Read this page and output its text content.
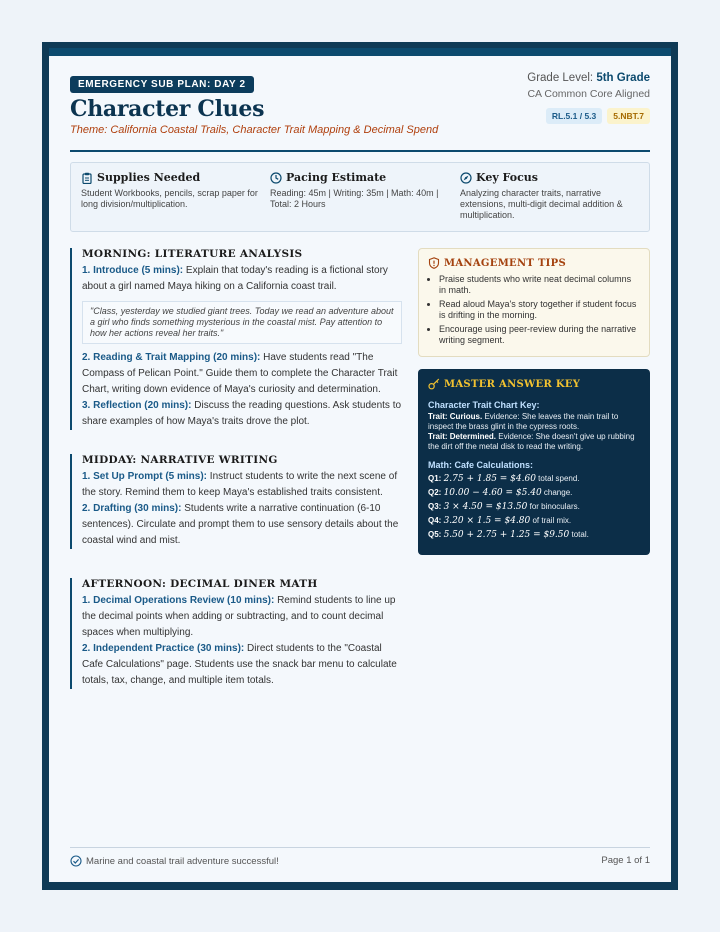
EMERGENCY SUB PLAN: DAY 2
Character Clues
Theme: California Coastal Trails, Character Trait Mapping & Decimal Spend
Grade Level: 5th Grade
CA Common Core Aligned
RL.5.1 / 5.3	5.NBT.7
Supplies Needed

Student Workbooks, pencils, scrap paper for long division/multiplication.

Pacing Estimate

Reading: 45m | Writing: 35m | Math: 40m | Total: 2 Hours

Key Focus

Analyzing character traits, narrative extensions, multi-digit decimal addition & multiplication.

MORNING: LITERATURE ANALYSIS

1. Introduce (5 mins): Explain that today's reading is a fictional story about a girl named Maya hiking on a California coast trail.

"Class, yesterday we studied giant trees. Today we read an adventure about a girl who finds something mysterious in the coastal mist. Pay attention to how her actions reveal her traits."

2. Reading & Trait Mapping (20 mins): Have students read "The Compass of Pelican Point." Guide them to complete the Character Trait Chart, writing down evidence of Maya's curiosity and determination.

3. Reflection (20 mins): Discuss the reading questions. Ask students to share examples of how Maya's traits drove the plot.

MIDDAY: NARRATIVE WRITING

1. Set Up Prompt (5 mins): Instruct students to write the next scene of the story. Remind them to keep Maya's established traits consistent.

2. Drafting (30 mins): Students write a narrative continuation (6-10 sentences). Circulate and prompt them to use sensory details about the coastal wind and mist.

AFTERNOON: DECIMAL DINER MATH

1. Decimal Operations Review (10 mins): Remind students to line up the decimal points when adding or subtracting, and to count decimal spaces when multiplying.

2. Independent Practice (30 mins): Direct students to the "Coastal Cafe Calculations" page. Students use the snack bar menu to calculate totals, tax, change, and multiple item totals.

MANAGEMENT TIPS
• Praise students who write neat decimal columns in math.
• Read aloud Maya's story together if student focus is drifting in the morning.
• Encourage using peer-review during the narrative writing segment.
MASTER ANSWER KEY

Character Trait Chart Key:

Trait: Curious. Evidence: She leaves the main trail to inspect the brass glint in the cypress roots.

Trait: Determined. Evidence: She doesn't give up rubbing the dirt off the metal disk to read the writing.

Math: Cafe Calculations:

Q1: 2.75 + 1.85 = $4.60 total spend.

Q2: 10.00 − 4.60 = $5.40 change.

Q3: 3 × 4.50 = $13.50 for binoculars.

Q4: 3.20 × 1.5 = $4.80 of trail mix.

Q5: 5.50 + 2.75 + 1.25 = $9.50 total.

Marine and coastal trail adventure successful!	Page 1 of 1
